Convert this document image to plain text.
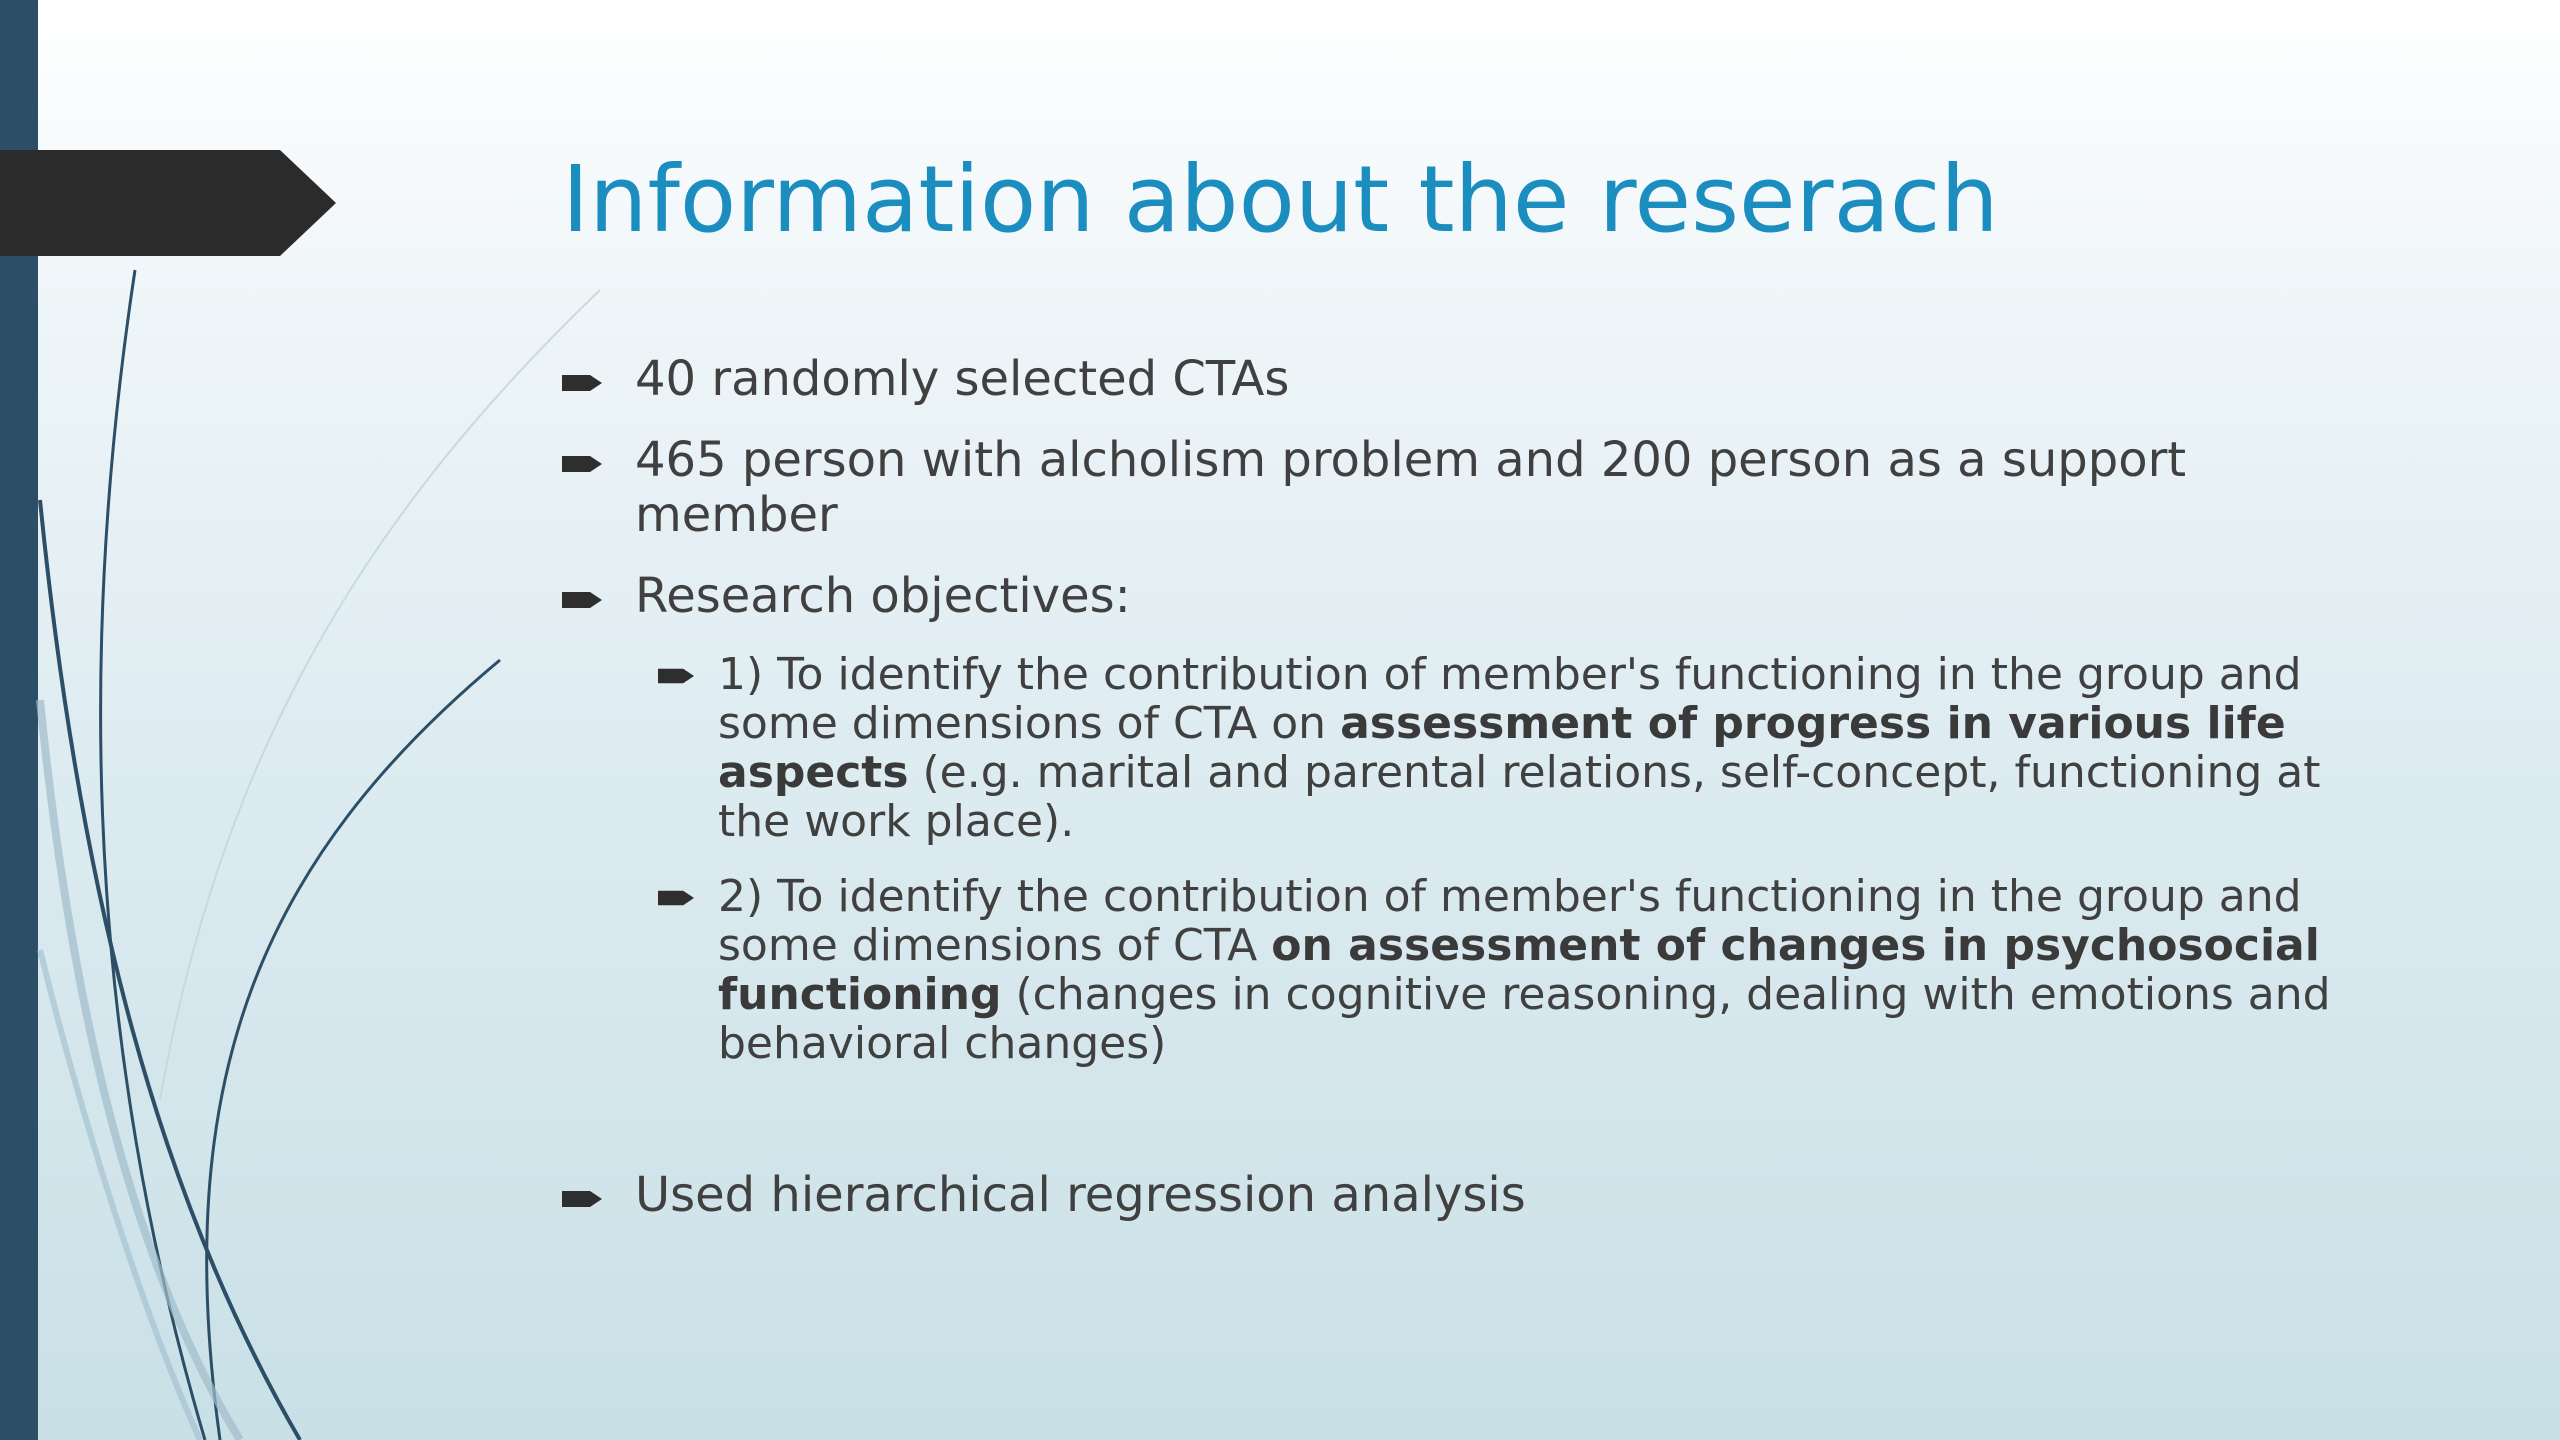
Information about the reserach
40 randomly selected CTAs
465 person with alcholism problem and 200 person as a support member
Research objectives:
1) To identify the contribution of member's functioning in the group and some dimensions of CTA on assessment of progress in various life aspects (e.g. marital and parental relations, self-concept, functioning at the work place).
2) To identify the contribution of member's functioning in the group and some dimensions of CTA on assessment of changes in psychosocial functioning (changes in cognitive reasoning, dealing with emotions and behavioral changes)
Used hierarchical regression analysis
